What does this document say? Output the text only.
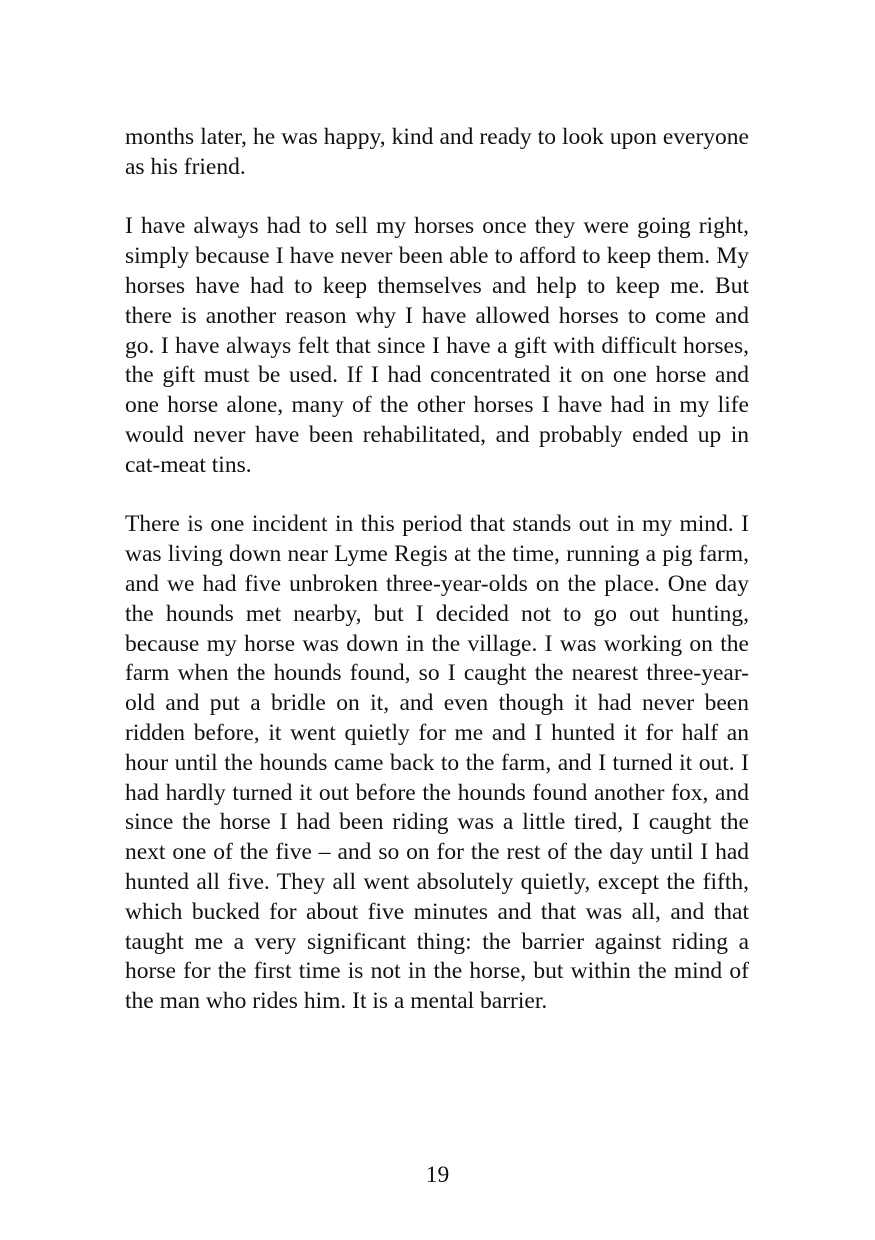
months later, he was happy, kind and ready to look upon everyone as his friend.

I have always had to sell my horses once they were going right, simply because I have never been able to afford to keep them. My horses have had to keep themselves and help to keep me. But there is another reason why I have allowed horses to come and go. I have always felt that since I have a gift with difficult horses, the gift must be used. If I had concentrated it on one horse and one horse alone, many of the other horses I have had in my life would never have been rehabilitated, and probably ended up in cat-meat tins.

There is one incident in this period that stands out in my mind. I was living down near Lyme Regis at the time, running a pig farm, and we had five unbroken three-year-olds on the place. One day the hounds met nearby, but I decided not to go out hunting, because my horse was down in the village. I was working on the farm when the hounds found, so I caught the nearest three-year-old and put a bridle on it, and even though it had never been ridden before, it went quietly for me and I hunted it for half an hour until the hounds came back to the farm, and I turned it out. I had hardly turned it out before the hounds found another fox, and since the horse I had been riding was a little tired, I caught the next one of the five – and so on for the rest of the day until I had hunted all five. They all went absolutely quietly, except the fifth, which bucked for about five minutes and that was all, and that taught me a very significant thing: the barrier against riding a horse for the first time is not in the horse, but within the mind of the man who rides him. It is a mental barrier.

19
